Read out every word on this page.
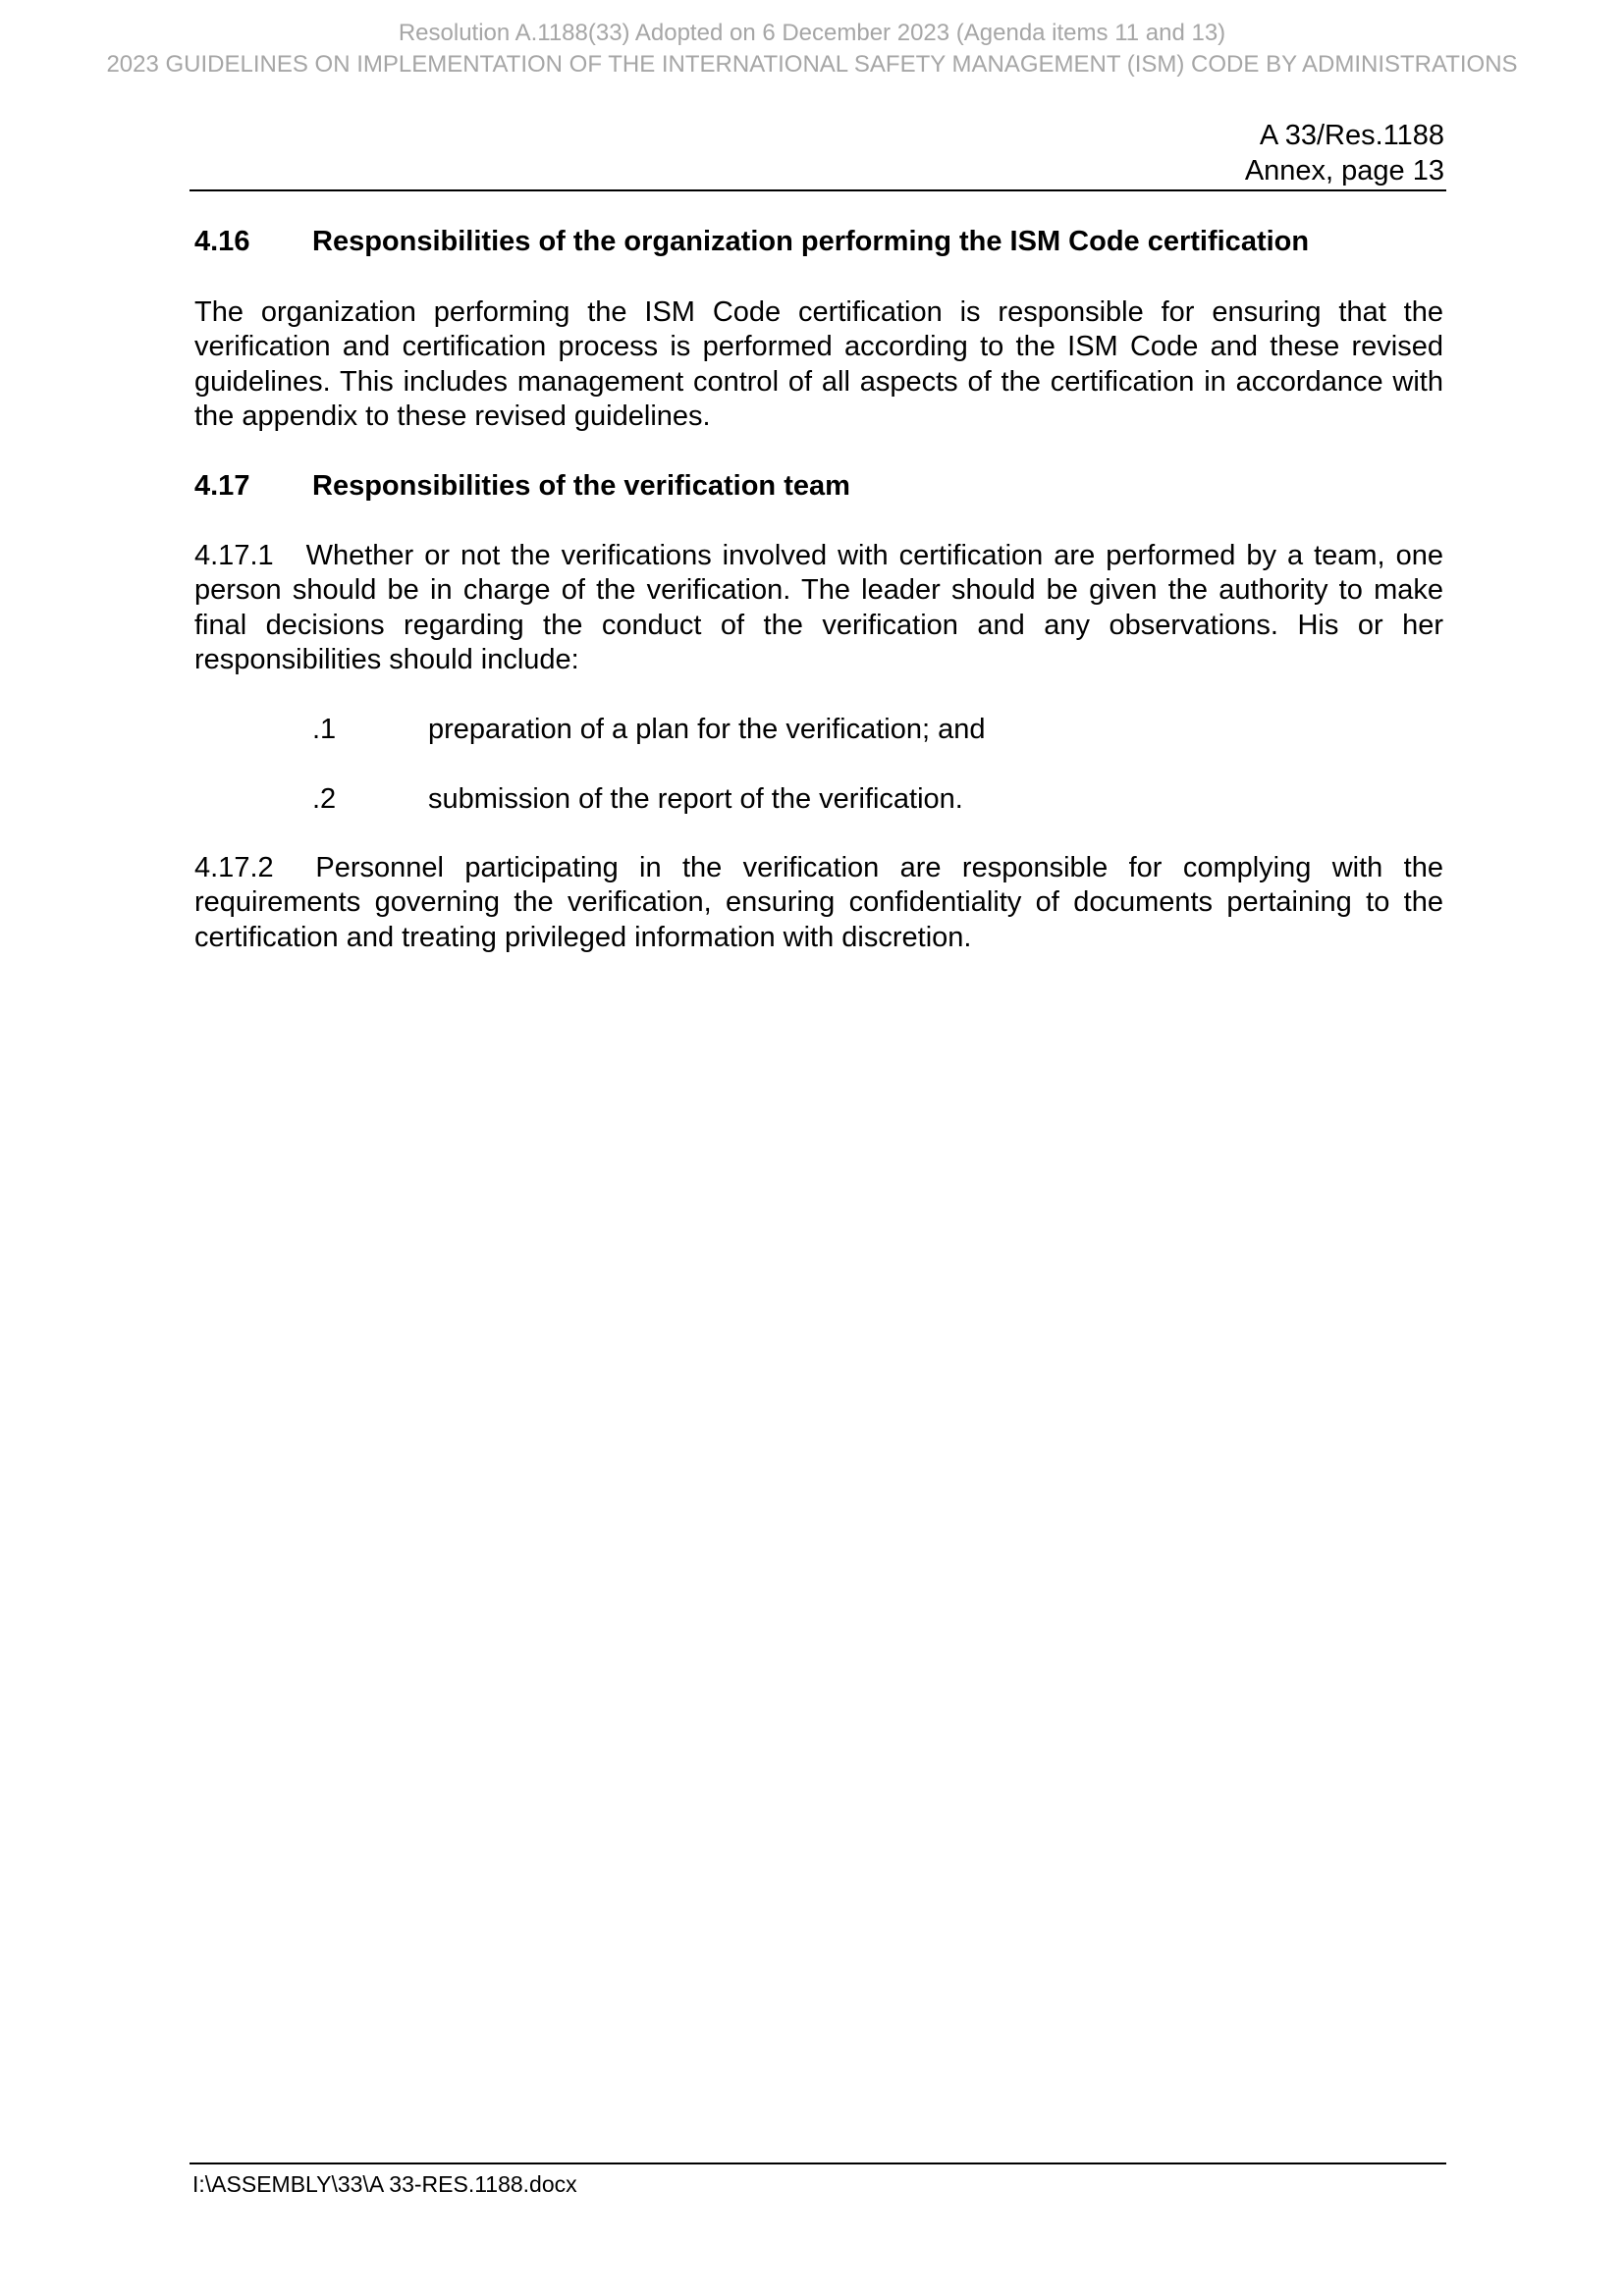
Resolution A.1188(33) Adopted on 6 December 2023 (Agenda items 11 and 13)
2023 GUIDELINES ON IMPLEMENTATION OF THE INTERNATIONAL SAFETY MANAGEMENT (ISM) CODE BY ADMINISTRATIONS
A 33/Res.1188
Annex, page 13
4.16 Responsibilities of the organization performing the ISM Code certification
The organization performing the ISM Code certification is responsible for ensuring that the verification and certification process is performed according to the ISM Code and these revised guidelines. This includes management control of all aspects of the certification in accordance with the appendix to these revised guidelines.
4.17 Responsibilities of the verification team
4.17.1 Whether or not the verifications involved with certification are performed by a team, one person should be in charge of the verification. The leader should be given the authority to make final decisions regarding the conduct of the verification and any observations. His or her responsibilities should include:
.1	preparation of a plan for the verification; and
.2	submission of the report of the verification.
4.17.2 Personnel participating in the verification are responsible for complying with the requirements governing the verification, ensuring confidentiality of documents pertaining to the certification and treating privileged information with discretion.
I:\ASSEMBLY\33\A 33-RES.1188.docx
